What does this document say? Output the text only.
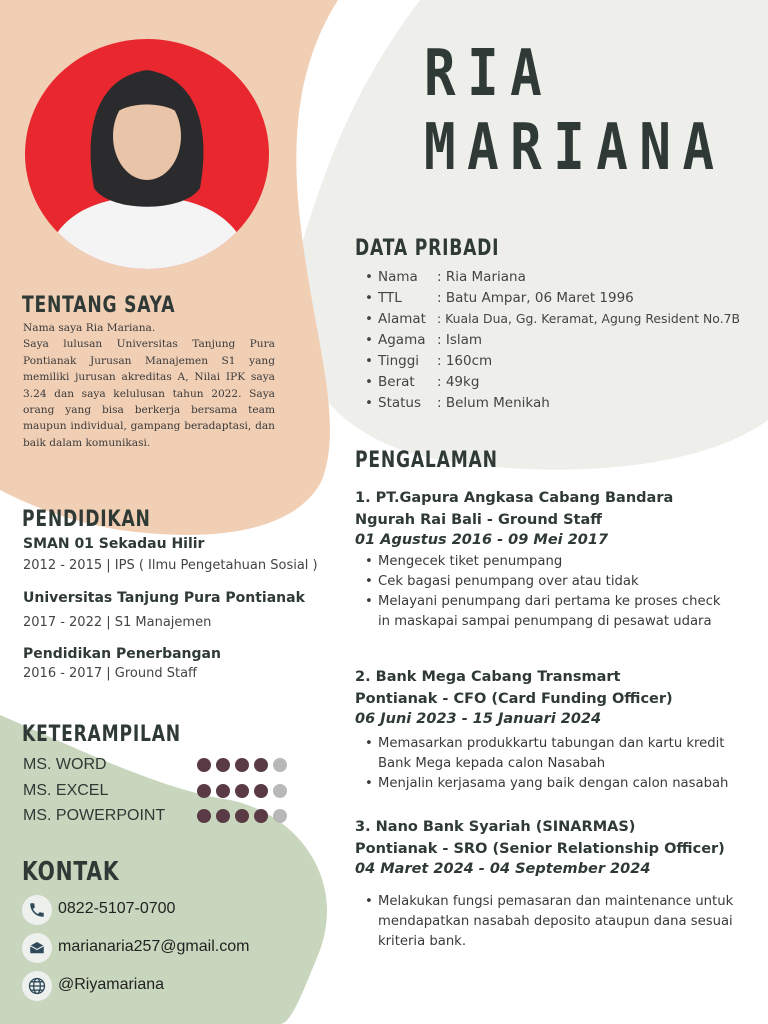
RIA
MARIANA
TENTANG SAYA

Nama saya Ria Mariana.

Saya lulusan Universitas Tanjung Pura Pontianak Jurusan Manajemen S1 yang memiliki jurusan akreditas A, Nilai IPK saya 3.24 dan saya kelulusan tahun 2022. Saya orang yang bisa berkerja bersama team maupun individual, gampang beradaptasi, dan baik dalam komunikasi.

PENDIDIKAN
SMAN 01 Sekadau Hilir
2012 - 2015 | IPS ( Ilmu Pengetahuan Sosial )
Universitas Tanjung Pura Pontianak
2017 - 2022 | S1 Manajemen
Pendidikan Penerbangan
2016 - 2017 | Ground Staff
KETERAMPILAN
MS. WORD
MS. EXCEL
MS. POWERPOINT
KONTAK
0822-5107-0700
marianaria257@gmail.com
@Riyamariana
DATA PRIBADI
• Nama : Ria Mariana
• TTL	: Batu Ampar, 06 Maret 1996
• Alamat : Kuala Dua, Gg. Keramat, Agung Resident No.7B
• Agama : Islam
• Tinggi : 160cm
• Berat : 49kg
• Status : Belum Menikah
PENGALAMAN
1. PT.Gapura Angkasa Cabang Bandara
Ngurah Rai Bali - Ground Staff
01 Agustus 2016 - 09 Mei 2017
• Mengecek tiket penumpang
• Cek bagasi penumpang over atau tidak
• Melayani penumpang dari pertama ke proses check in maskapai sampai penumpang di pesawat udara
2. Bank Mega Cabang Transmart
Pontianak - CFO (Card Funding Officer)
06 Juni 2023 - 15 Januari 2024
• Memasarkan produkkartu tabungan dan kartu kredit Bank Mega kepada calon Nasabah
• Menjalin kerjasama yang baik dengan calon nasabah
3. Nano Bank Syariah (SINARMAS)
Pontianak - SRO (Senior Relationship Officer)
04 Maret 2024 - 04 September 2024
• Melakukan fungsi pemasaran dan maintenance untuk mendapatkan nasabah deposito ataupun dana sesuai kriteria bank.
